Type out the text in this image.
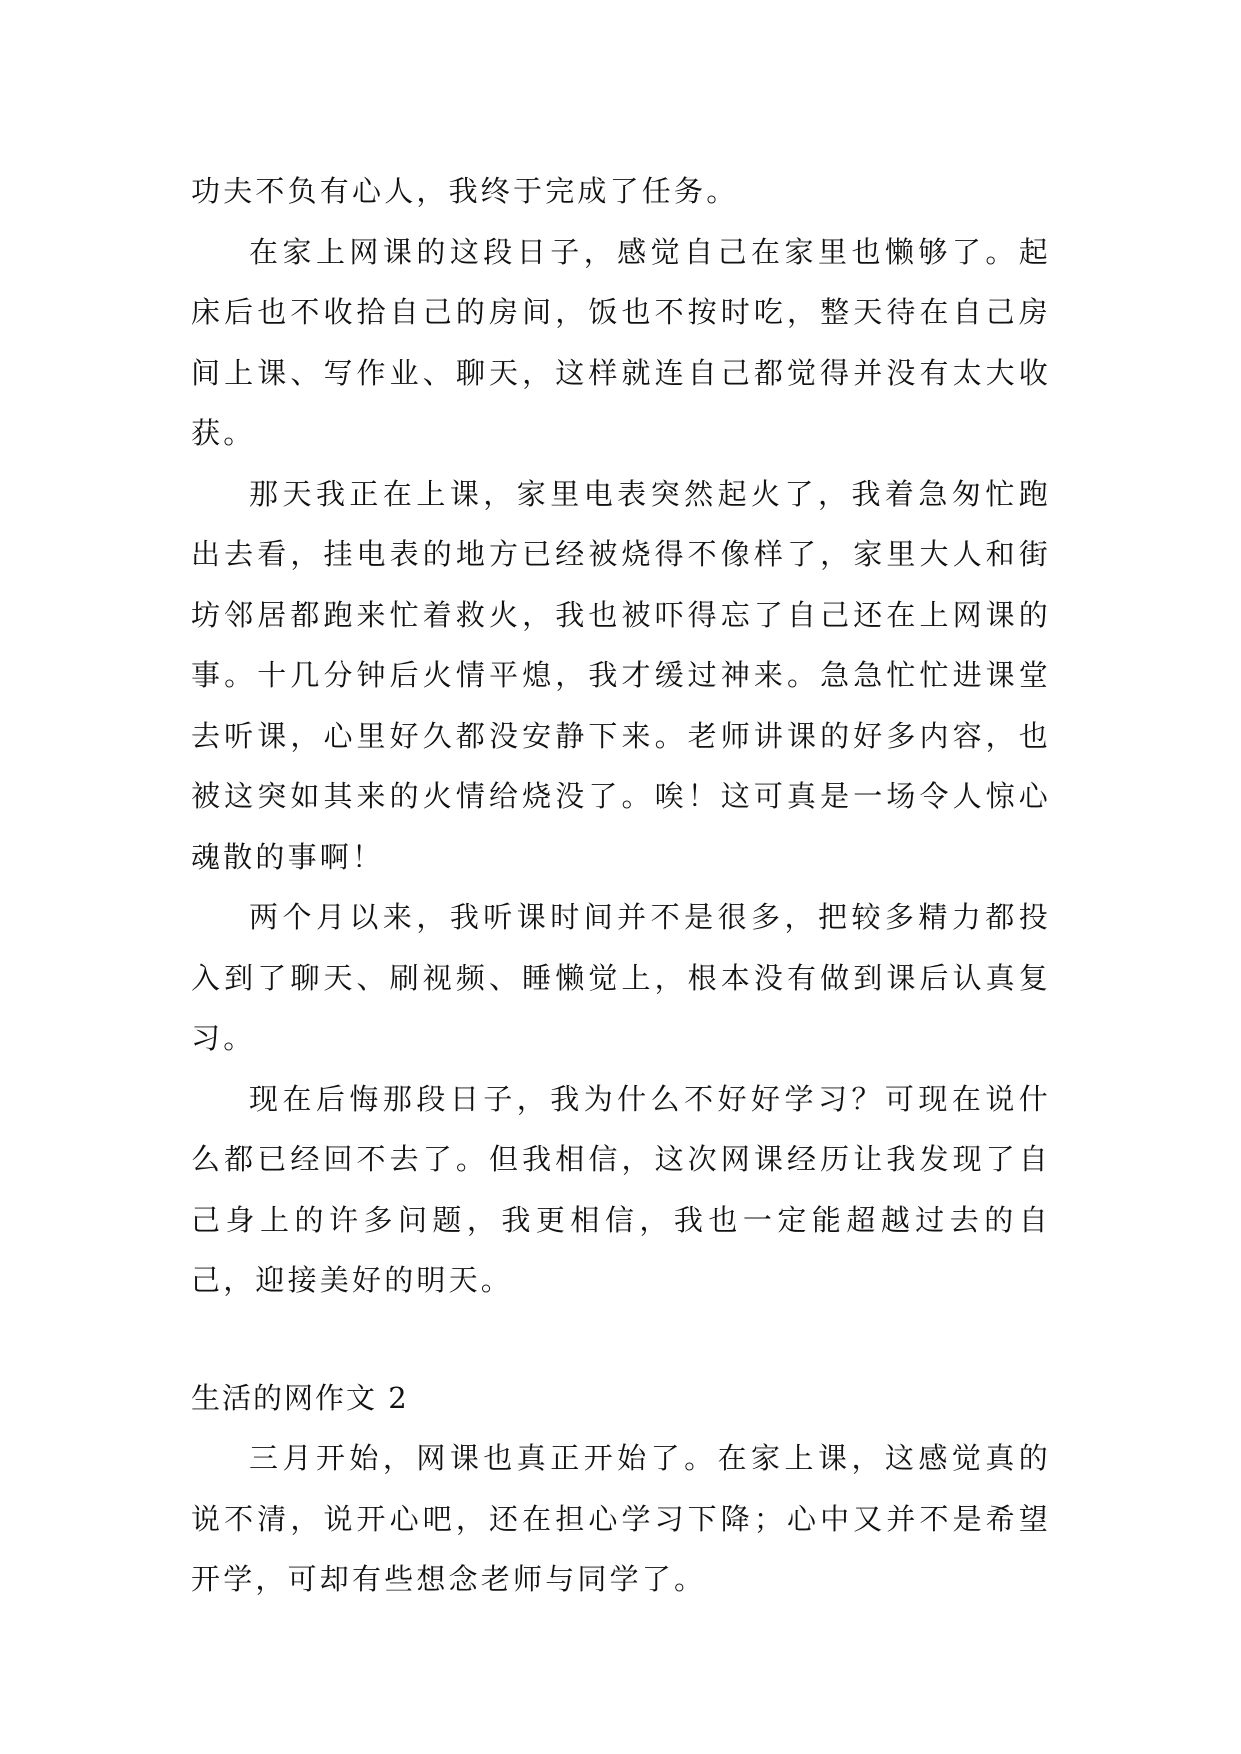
功夫不负有心人，我终于完成了任务。

在家上网课的这段日子，感觉自己在家里也懒够了。起床后也不收拾自己的房间，饭也不按时吃，整天待在自己房间上课、写作业、聊天，这样就连自己都觉得并没有太大收获。

那天我正在上课，家里电表突然起火了，我着急匆忙跑出去看，挂电表的地方已经被烧得不像样了，家里大人和街坊邻居都跑来忙着救火，我也被吓得忘了自己还在上网课的事。十几分钟后火情平熄，我才缓过神来。急急忙忙进课堂去听课，心里好久都没安静下来。老师讲课的好多内容，也被这突如其来的火情给烧没了。唉！这可真是一场令人惊心魂散的事啊！

两个月以来，我听课时间并不是很多，把较多精力都投入到了聊天、刷视频、睡懒觉上，根本没有做到课后认真复习。

现在后悔那段日子，我为什么不好好学习？可现在说什么都已经回不去了。但我相信，这次网课经历让我发现了自己身上的许多问题，我更相信，我也一定能超越过去的自己，迎接美好的明天。

生活的网作文 2

三月开始，网课也真正开始了。在家上课，这感觉真的说不清，说开心吧，还在担心学习下降；心中又并不是希望开学，可却有些想念老师与同学了。
